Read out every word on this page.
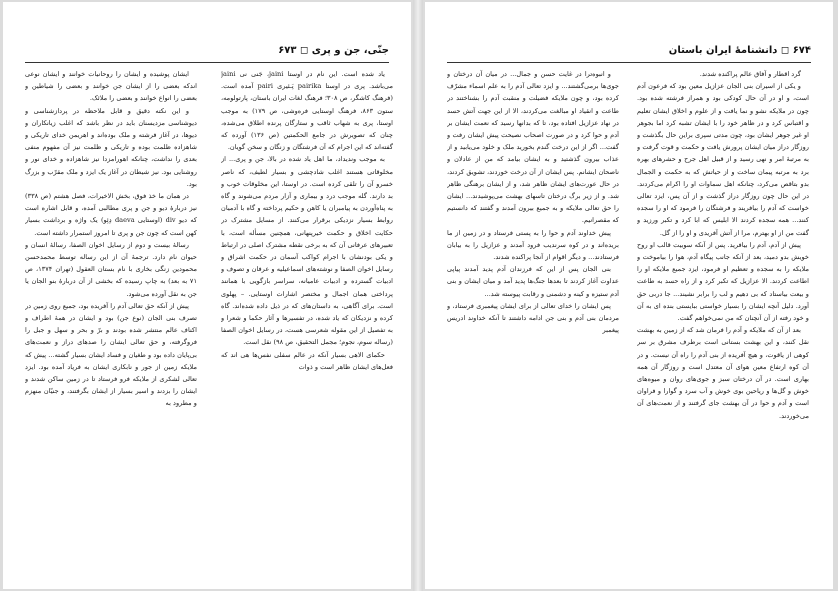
جنّی، جن و پری ◻ ۶۷۳

یاد شده است. این نام در اوستا jaini، جَنی نی jaini می‌باشد. پری در اوستا pairika پَـئیری pairi آمده است. (فرهنگ کاشگر، ص ۳۰۸؛ فرهنگ لغات ایران باستان، پارتولومه، ستون ۸۶۳، فرهنگ اوستایی فره‌وشی، ص ۱۷۹) به موجب اوستا، پری به شهاب ثاقب و ستارگان پرنده اطلاق می‌شده، چنان که تصویرش در جامع الحکمتین (ص ۱۳۶) آورده که گفته‌اند که این اجرام که آن فرشتگان و زنگان و سخن گویان.

به موجب وندیداد، ما اهل یاد شده در بالا، جن و پری... از مخلوقاتی هستند اغلب شادچشی و بسیار لطیف، که ناصر خسرو آن را تلقی کرده است. در اوستا، این مخلوقات خوب و بد دارند. گله موجب درد و بیماری و آزار مردم می‌شوند و گاه به پناه‌آوردن به پیامبران یا کاهن و حکیم پرداخته و گاه با آدمیان روابط بسیار نزدیکی برقرار می‌کنند. از مسایل مشترک در حکایت اخلاق و حکمت خیرپنهانی، همچنین مسأله است، با تعبیرهای عرفانی آن که به برخی نقطه مشترک اصلی در ارتباط و یکی بودنشان با اجرام کواکب آسمان در حکمت اشراق و رسایل اخوان الصفا و نوشته‌های اسماعیلیه و عرفان و تصوف و ادبیات گسترده و ادبیات عامیانه، سراسر بازگویی با همانند پرداختی همان اجمال و مختصر اشارات اوستایی. – پهلوی است. برای آگاهی، به داستان‌های که در ذیل داده شده‌اند. گاه کرده و نزدیکان که یاد شده، در تفسیرها و آثار حکما و شعرا و به تفصیل از این مقوله شعرسی هست، در رسایل اخوان الصفا (رساله سوم، نجوم؛ مجمل التحقیق، ص ۹۸) نقل است.

حکمای الاهی بسیار آنکه در عالم سفلی نفس‌ها هی اند که فعل‌های ایشان ظاهر است و ذوات

ایشان پوشیده و ایشان را روحانیات خوانند و ایشان نوعی اندکه بعضی را از ایشان جن خوانند و بعضی را شیاطین و بعضی را انواع خوانند و بعضی را ملائک.

و این نکته دقیق و قابل ملاحظه در پردازشناسی و دیوشناسی مزدیسنان باید در نظر باشد که اغلب زیانکاران و دیوها، در آغاز فرشته و ملک بوده‌اند و اهریمن خدای تاریکی و شاهزاده ظلمت بوده و تاریکی و ظلمت نیز آن مفهوم منفی بعدی را نداشت، چنانکه اهورامزدا نیز شاهزاده و خدای نور و روشنایی بود. نیز شیطان در آغاز یک ایزد و ملک مقرّب و بزرگ بود.

در همان ما خذ فوق، بخش الاخیرات، فصل هشتم (ص ۳۳۸) نیز دربارهٔ دیو و جن و پری مطالبی آمده، و قابل اشاره است که دیو div (اوستایی daeva دِئِو) یک واژه و برداشت بسیار کهن است که چون جن و پری تا امروز استمرار داشته است.

رسالهٔ بیست و دوم از رسایل اخوان الصفا، رسالهٔ انسان و حیوان نام دارد. ترجمهٔ آن از این رساله توسط محمدحسن محمودین زنگی بخاری با نام بستان العقول (تهران ۱۳۷۴، ص ۷۱ به بعد) به چاپ رسیده که بخشی از آن دربارهٔ بنو الجان یا جن به نقل آورده می‌شود.

پیش از آنکه حق تعالی آدم را آفریده بود، جمیع روی زمین در تصرف بنی الجان (نوع جن) بود و ایشان در همهٔ اطراف و اکناف عالم منتشر شده بودند و برّ و بحر و سهل و جبل را فروگرفته، و حق تعالی ایشان را صدهای دراز و نعمت‌های بی‌پایان داده بود و طغیان و فساد ایشان بسیار گشته... پیش که ملایکه زمین از جور و نابکاری ایشان به فریاد آمده بود. ایزد تعالی لشکری از ملایکه فرو فرستاد تا در زمین ساکن شدند و ایشان را بزدند و اسیر بسیار از ایشان بگرفتند، و جنیّان منهزم و مطرود به

۶۷۴ ◻ دانشنامهٔ ایران باستان

گرد اقطار و آفاق عالم پراکنده شدند.

و یکی از اسیران بنی الجان عزازیل معین بود که فرعون آدم است، و او در آن حال کودکی بود و همراز فرشته شده بود. چون در ملایکه نشو و نما یافت و از علوم و اخلاق ایشان تعلیم و اقتباس کرد و در ظاهر خود را با ایشان تشبه کرد اما بجوهر او غیر جوهر ایشان بود، چون مدتی سپری براین حال بگذشت و روزگار دراز میان ایشان پرورش یافت و حکمت و قوت گرفت و به مرتبهٔ امر و نهی رسید و از قبیل اهل جرح و حشرهای بهره برد به مرتبه پیمان ساخت و از حیاتش که به حکمت و الجمال بدو بتاقص می‌کرد، چنانکه اهل سماوات او را اکرام می‌کردند. در این حال چون روزگار دراز گذشت و از آن پس، ایزد تعالی خواست که آدم را بیافریند و فرشتگان را فرمود که او را سجده کنند... همه سجده کردند الا ابلیس که ابا کرد و تکبر ورزید و گفت من از او بهترم، مرا از آتش آفریدی و او را از گل.

پیش از آدم، آدم را بیافرید. پس از آنکه سوبیت قالب او روح خویش بدو دمید، بعد از آنکه جانب پیگاه آدم، هوا را بیاموخت و ملایکه را به سجده و تعظیم او فرمود، ایزد جمیع ملایکه او را اطاعت کردند. الا عزازیل که تکبر کرد و از راه حسد به طاعت و بیعت بیاستاد که بی دهیم و لب را برابر نشیند... جا دربی حق آورد. دلیل آنچه ایشان را بسیار خواستی ببایستی بنده ای به آن و خود رفته از آن آنچنان که من نمی‌خواهم گفت.

بعد از آن که ملایکه و آدم را فرمان شد که از زمین به بهشت نقل کنند، و این بهشت بستانی است برطرف مشرق بر سر کوهی از یاقوت، و هیچ آفریده از بنی آدم را راه آن نیست. و در آن کوه ارتفاع معین هوای آن معتدل است و روزگار آن همه بهاری است. در آن درختان سبز و جوی‌های روان و میوه‌های خوش و گل‌ها و ریاحین بوی خوش و آب سرد و گوارا و فراوان است و آدم و حوا در آن بهشت جای گرفتند و از نعمت‌های آن می‌خوردند.

و انبوه‌ترا در غایت حسن و جمال... در میان آن درختان و جوی‌ها برمی‌گشتند... و ایزد تعالی آدم را به علم اسماء مشرّف کرده بود، و چون ملایکه فضیلت و منقبت آدم را بشناختند در طاعت و انقیاد او مبالغت می‌کردند، الا از این جهت آتش حسد در نهاد عزازیل افتاده بود، تا که بدانها رسید که نعمت ایشان بر آدم و حوا کرد و در صورت اصحاب نصیحت پیش ایشان رفت و گفت... اگر از این درخت گندم بخورید ملک و خلود می‌یابید و از عذاب بیرون گذشتید و به ایشان بیامد که من از عادلان و ناصحان ایشانم. پس ایشان از آن درخت خوردند، تشویق کردند، در حال عورت‌های ایشان ظاهر شد، و از ایشان برهنگی ظاهر شد. و از زیر برگ درختان تاسهای بهشت می‌پوشیدند... ایشان را حق تعالی ملایکه و به جمیع بیرون آمدند و گفتند که دانستیم که مقصرانیم.

پیش خداوند آدم و حوا را به پستی فرستاد و در زمین از ما بریده‌اند و در کوه سرندیب فرود آمدند و عزازیل را به بیابان فرستادند... و دیگر اقوام از آنجا پراکنده شدند.

بنی الجان پس از این که فرزندان آدم پدید آمدند پیاپی عداوت آغاز کردند تا بعدها جنگ‌ها پدید آمد و میان ایشان و بنی آدم ستیزه و کینه و دشمنی و رقابت پیوسته شد...

پس ایشان را خدای تعالی از برای ایشان پیغمبری فرستاد، و مردمان بنی آدم و بنی جن ادامه داشتند تا آنکه خداوند ادریس پیغمبر
